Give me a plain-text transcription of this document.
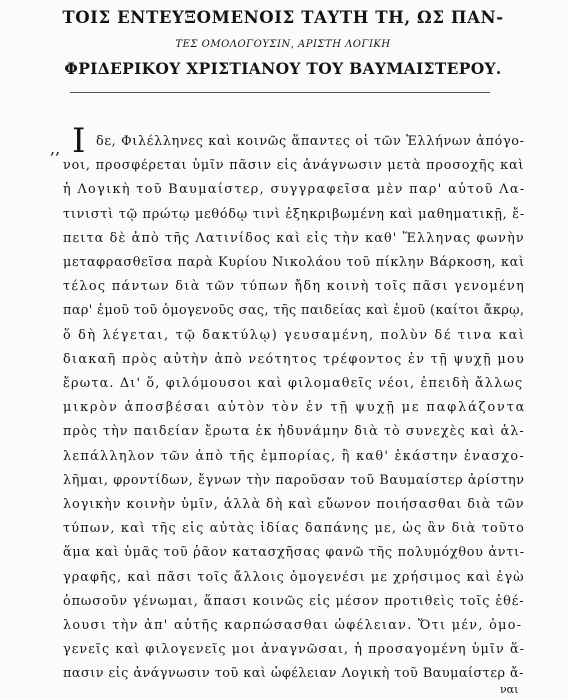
ΤΟΙΣ ΕΝΤΕΥΞΟΜΕΝΟΙΣ ΤΑΥΤΗ ΤΗ, ΩΣ ΠΑΝ-
ΤΕΣ ΟΜΟΛΟΓΟΥΣΙΝ, ΑΡΙΣΤΗ ΛΟΓΙΚΗ
ΦΡΙΔΕΡΙΚΟΥ ΧΡΙΣΤΙΑΝΟΥ ΤΟΥ ΒΑΥΜΑΙΣΤΕΡΟΥ.
,, Ι δε, Φιλέλληνες καὶ κοινῶς ἅπαντες οἱ τῶν Ἑλλήνων ἀπόγο-
νοι, προσφέρεται ὑμῖν πᾶσιν εἰς ἀνάγνωσιν μετὰ προσοχῆς καὶ
ἡ Λογικὴ τοῦ Βαυμαίστερ, συγγραφεῖσα μὲν παρ' αὐτοῦ Λα-
τινιστὶ τῷ πρώτῳ μεθόδῳ τινὶ ἐξηκριβωμένη καὶ μαθηματικῇ, ἔ-
πειτα δὲ ἀπὸ τῆς Λατινίδος καὶ εἰς τὴν καθ' Ἕλληνας φωνὴν
μεταφρασθεῖσα παρὰ Κυρίου Νικολάου τοῦ πίκλην Βάρκοση, καὶ
τέλος πάντων διὰ τῶν τύπων ἤδη κοινὴ τοῖς πᾶσι γενομένη
παρ' ἐμοῦ τοῦ ὁμογενοῦς σας, τῆς παιδείας καὶ ἐμοῦ (καίτοι ἄκρῳ,
ὅ δὴ λέγεται, τῷ δακτύλῳ) γευσαμένη, πολὺν δέ τινα καὶ
διακαῆ πρὸς αὐτὴν ἀπὸ νεότητος τρέφοντος ἐν τῇ ψυχῇ μου
ἔρωτα. Δι' ὅ, φιλόμουσοι καὶ φιλομαθεῖς νέοι, ἐπειδὴ ἄλλως
μικρὸν ἀποσβέσαι αὐτὸν τὸν ἐν τῇ ψυχῇ με παφλάζοντα
πρὸς τὴν παιδείαν ἔρωτα ἐκ ἠδυνάμην διὰ τὸ συνεχὲς καὶ ἀλ-
λεπάλληλον τῶν ἀπὸ τῆς ἐμπορίας, ἢ καθ' ἑκάστην ἐνασχο-
λῆμαι, φροντίδων, ἔγνων τὴν παροῦσαν τοῦ Βαυμαίστερ ἀρίστην
λογικὴν κοινὴν ὑμῖν, ἀλλὰ δὴ καὶ εὔωνον ποιήσασθαι διὰ τῶν
τύπων, καὶ τῆς εἰς αὐτὰς ἰδίας δαπάνης με, ὡς ἂν διὰ τοῦτο
ἅμα καὶ ὑμᾶς τοῦ ῥᾶον κατασχῆσας φανῶ τῆς πολυμόχθου ἀντι-
γραφῆς, καὶ πᾶσι τοῖς ἄλλοις ὁμογενέσι με χρήσιμος καὶ ἐγὼ
ὁπωσοῦν γένωμαι, ἅπασι κοινῶς εἰς μέσον προτιθεὶς τοῖς ἐθέ-
λουσι τὴν ἀπ' αὐτῆς καρπώσασθαι ὠφέλειαν. Ὅτι μέν, ὁμο-
γενεῖς καὶ φιλογενεῖς μοι ἀναγνῶσαι, ἡ προσαγομένη ὑμῖν ἅ-
πασιν εἰς ἀνάγνωσιν τοῦ καὶ ὠφέλειαν Λογικὴ τοῦ Βαυμαίστερ ἄ-
ναι
